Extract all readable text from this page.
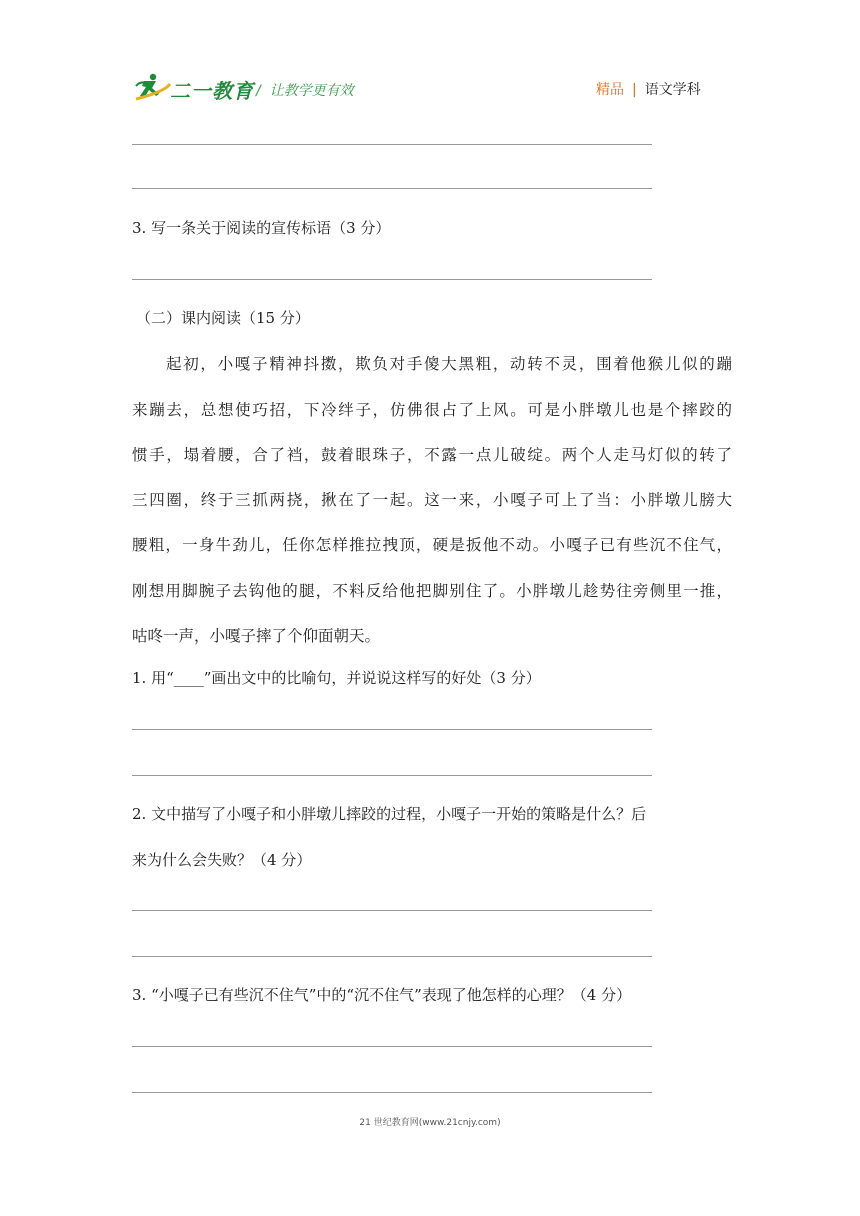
二一教育 /  让教学更有效	精品 | 语文学科
3. 写一条关于阅读的宣传标语（3 分）
（二）课内阅读（15 分）
起初，小嘎子精神抖擞，欺负对手傻大黑粗，动转不灵，围着他猴儿似的蹦
来蹦去，总想使巧招，下冷绊子，仿佛很占了上风。可是小胖墩儿也是个摔跤的
惯手，塌着腰，合了裆，鼓着眼珠子，不露一点儿破绽。两个人走马灯似的转了
三四圈，终于三抓两挠，揪在了一起。这一来，小嘎子可上了当：小胖墩儿膀大
腰粗，一身牛劲儿，任你怎样推拉拽顶，硬是扳他不动。小嘎子已有些沉不住气，
刚想用脚腕子去钩他的腿，不料反给他把脚别住了。小胖墩儿趁势往旁侧里一推，
咕咚一声，小嘎子摔了个仰面朝天。
1. 用“____”画出文中的比喻句，并说说这样写的好处（3 分）
2. 文中描写了小嘎子和小胖墩儿摔跤的过程，小嘎子一开始的策略是什么？后
来为什么会失败？（4 分）
3. “小嘎子已有些沉不住气”中的“沉不住气”表现了他怎样的心理？（4 分）
21 世纪教育网(www.21cnjy.com)
